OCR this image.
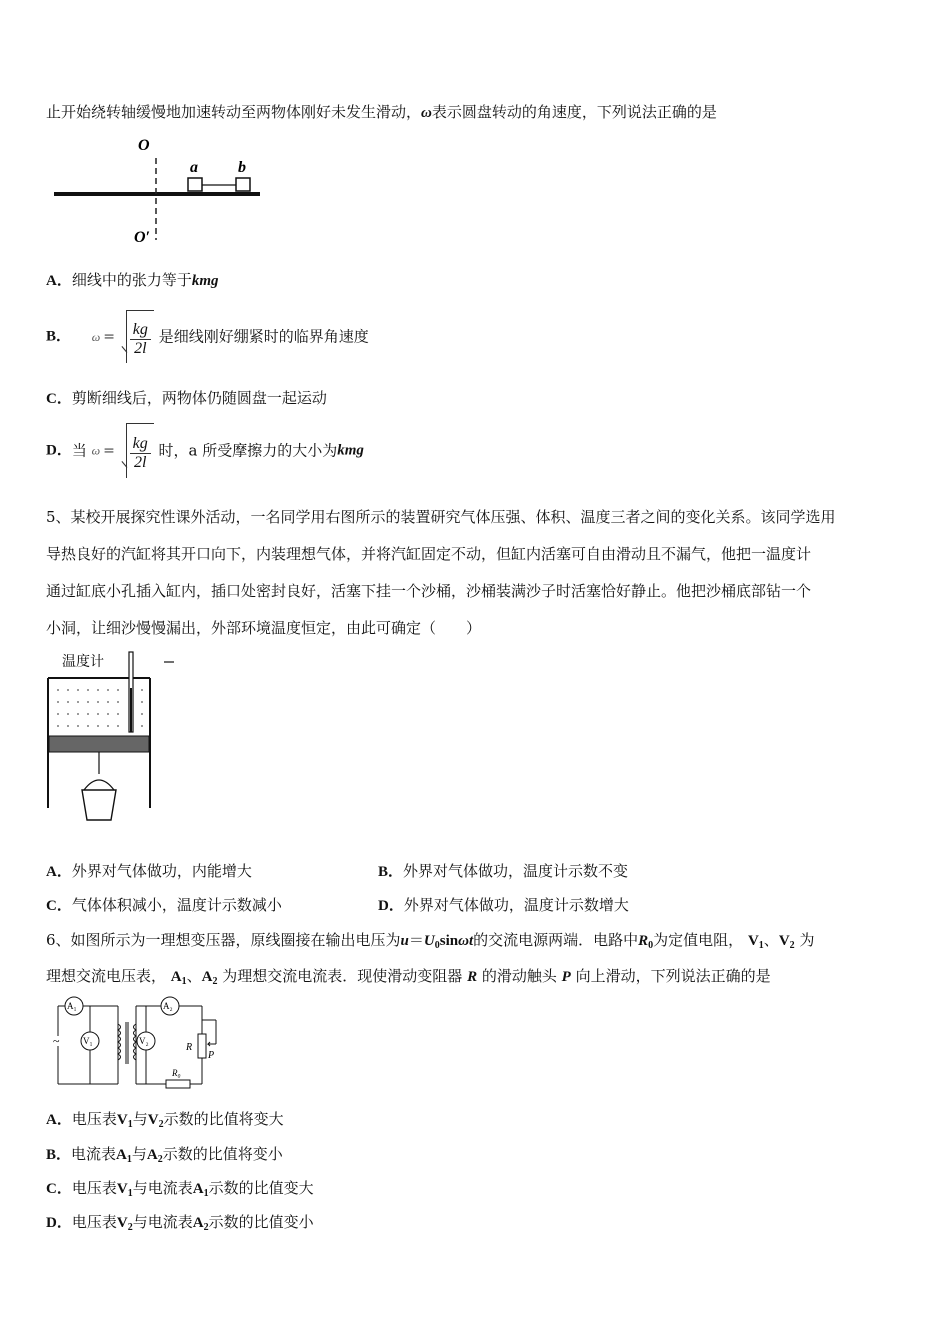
止开始绕转轴缓慢地加速转动至两物体刚好未发生滑动，ω表示圆盘转动的角速度，下列说法正确的是
O
O′
a	b
A．细线中的张力等于kmg
B． $\omega = \frac{kg}{2l}$ 是细线刚好绷紧时的临界角速度
C．剪断细线后，两物体仍随圆盘一起运动
D．当 $\omega = \frac{kg}{2l}$ 时，a 所受摩擦力的大小为kmg
5、某校开展探究性课外活动，一名同学用右图所示的装置研究气体压强、体积、温度三者之间的变化关系。该同学选用
导热良好的汽缸将其开口向下，内装理想气体，并将汽缸固定不动，但缸内活塞可自由滑动且不漏气，他把一温度计
通过缸底小孔插入缸内，插口处密封良好，活塞下挂一个沙桶，沙桶装满沙子时活塞恰好静止。他把沙桶底部钻一个
小洞，让细沙慢慢漏出，外部环境温度恒定，由此可确定（　　）
温度计
A．外界对气体做功，内能增大	B．外界对气体做功，温度计示数不变
C．气体体积减小，温度计示数减小	D．外界对气体做功，温度计示数增大
6、如图所示为一理想变压器，原线圈接在输出电压为$u=U_0\sin\omega t$的交流电源两端．电路中$R_0$为定值电阻， $V_1$、$V_2$ 为
理想交流电压表， $A_1$、$A_2$ 为理想交流电流表．现使滑动变阻器 R 的滑动触头 P 向上滑动，下列说法正确的是
A₁
~	V₁
A₂
V₂
R
P
R₀
A．电压表$V_1$与$V_2$示数的比值将变大
B．电流表$A_1$与$A_2$示数的比值将变小
C．电压表$V_1$与电流表$A_1$示数的比值变大
D．电压表$V_2$与电流表$A_2$示数的比值变小
